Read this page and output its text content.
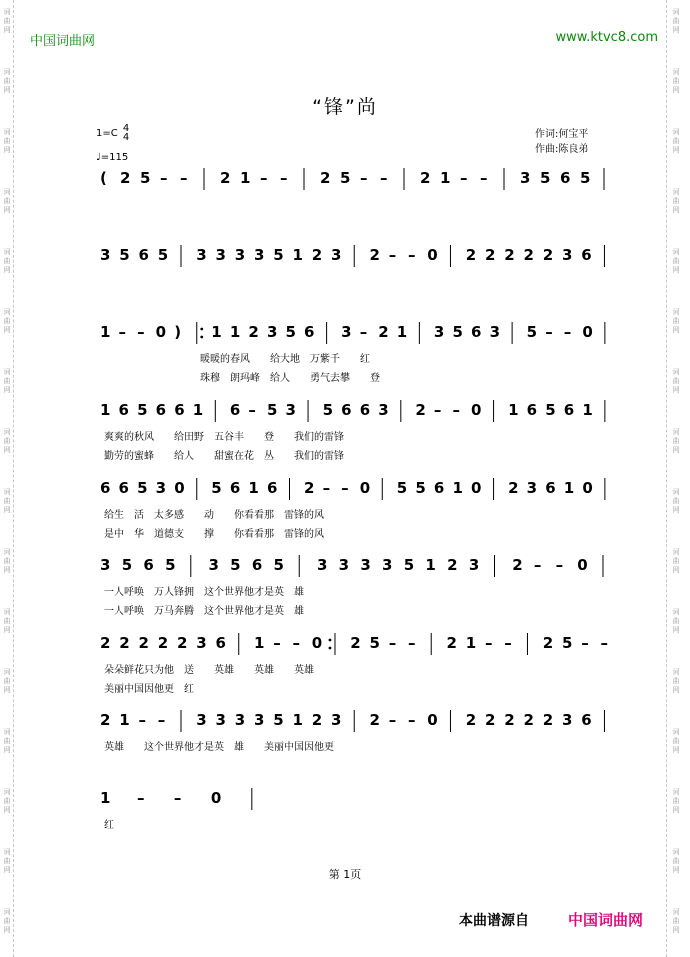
词
曲
网
词
曲
网
词
曲
网
词
曲
网
词
曲
网
词
曲
网
词
曲
网
词
曲
网
词
曲
网
词
曲
网
词
曲
网
词
曲
网
词
曲
网
词
曲
网
词
曲
网
词
曲
网
词
曲
网
词
曲
网
词
曲
网
词
曲
网
词
曲
网
词
曲
网
词
曲
网
词
曲
网
词
曲
网
词
曲
网
词
曲
网
词
曲
网
词
曲
网
词
曲
网
词
曲
网
词
曲
网
中国词曲网	www.ktvc8.com
“锋”尚
1=C 4
4
♩=115
作词:何宝平
作曲:陈良弟
( 2 5 – – 2 1 – – 2 5 – – 2 1 – – 3 5 6 5
3 5 6 5 3 3 3 3 5 1 2 3 2 – – 0 2 2 2 2 2 3 6
1 – – 0 ) 1 1 2 3 5 6 3 – 2 1 3 5 6 3 5 – – 0
暖暖的春风　　给大地　万紫千　　红
珠穆　朗玛峰　给人　　勇气去攀　　登
1 6 5 6 6 1 6 – 5 3 5 6 6 3 2 – – 0 1 6 5 6 1
爽爽的秋风　　给田野　五谷丰　　登　　我们的雷锋
勤劳的蜜蜂　　给人　　甜蜜在花　丛　　我们的雷锋
6 6 5 3 0 5 6 1 6 2 – – 0 5 5 6 1 0 2 3 6 1 0
给生　活　太多感　　动　　你看看那　雷锋的风
是中　华　道德支　　撑　　你看看那　雷锋的风
3 5 6 5 3 5 6 5 3 3 3 3 5 1 2 3 2 – – 0
一人呼唤　万人锋拥　这个世界他才是英　雄
一人呼唤　万马奔腾　这个世界他才是英　雄
2 2 2 2 2 3 6 1 – – 0 2 5 – – 2 1 – – 2 5 – –
朵朵鲜花只为他　送　　英雄　　英雄　　英雄
美丽中国因他更　红
2 1 – – 3 3 3 3 5 1 2 3 2 – – 0 2 2 2 2 2 3 6
英雄　　这个世界他才是英　雄　　美丽中国因他更
1 – – 0
红
第 1页
本曲谱源自	中国词曲网
